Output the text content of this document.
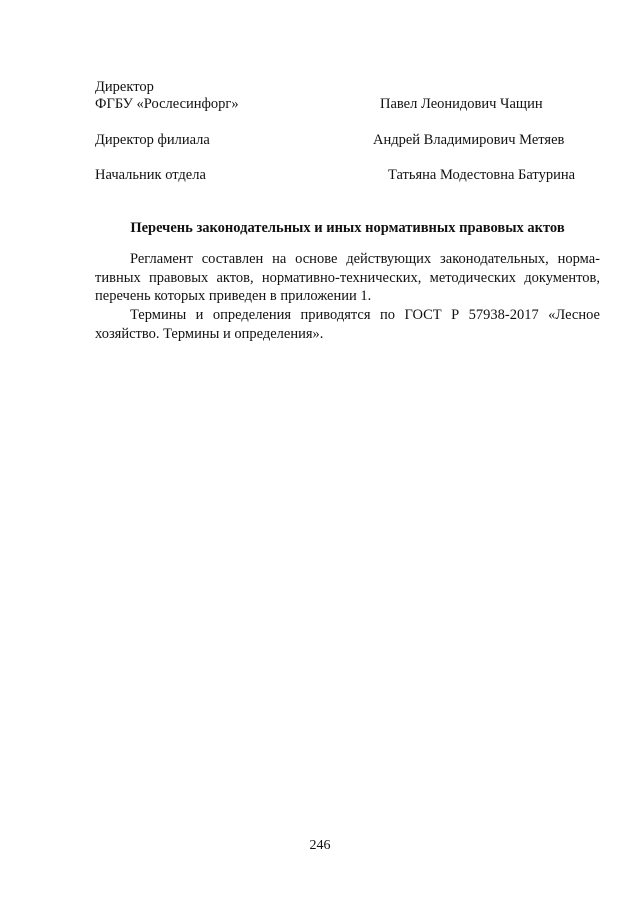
Директор
ФГБУ «Рослесинфорг»	Павел Леонидович Чащин
Директор филиала	Андрей Владимирович Метяев
Начальник отдела	Татьяна Модестовна Батурина
Перечень законодательных и иных нормативных правовых актов
Регламент составлен на основе действующих законодательных, норма-
тивных правовых актов, нормативно-технических, методических документов,
перечень которых приведен в приложении 1.
Термины и определения приводятся по ГОСТ Р 57938-2017 «Лесное
хозяйство. Термины и определения».
246
